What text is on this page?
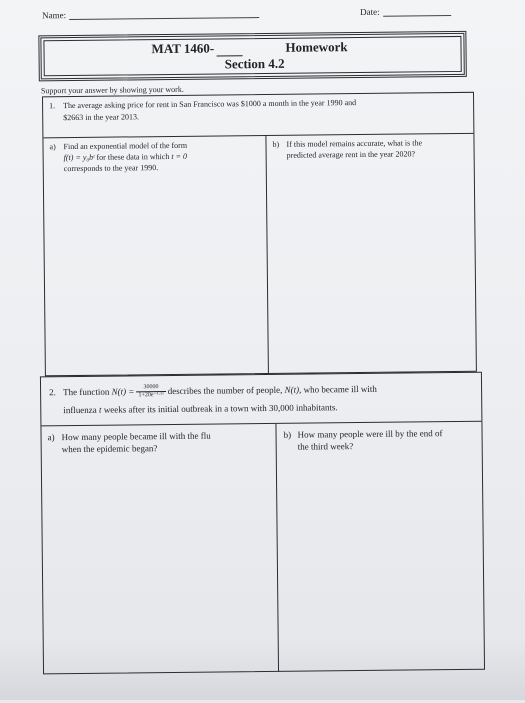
Name:	Date:
MAT 1460-	Homework
Section 4.2
Support your answer by showing your work.
1. The average asking price for rent in San Francisco was $1000 a month in the year 1990 and
$2663 in the year 2013.
a) Find an exponential model of the form
f(t) = y₀bᵗ for these data in which t = 0
corresponds to the year 1990.
b) If this model remains accurate, what is the
predicted average rent in the year 2020?
2. The function $N(t) = \frac{30000}{\text{1+20e⁻¹·⁵ᵗ}}$ describes the number of people, N(t), who became ill with
influenza t weeks after its initial outbreak in a town with 30,000 inhabitants.
a) How many people became ill with the flu
when the epidemic began?
b) How many people were ill by the end of
the third week?
